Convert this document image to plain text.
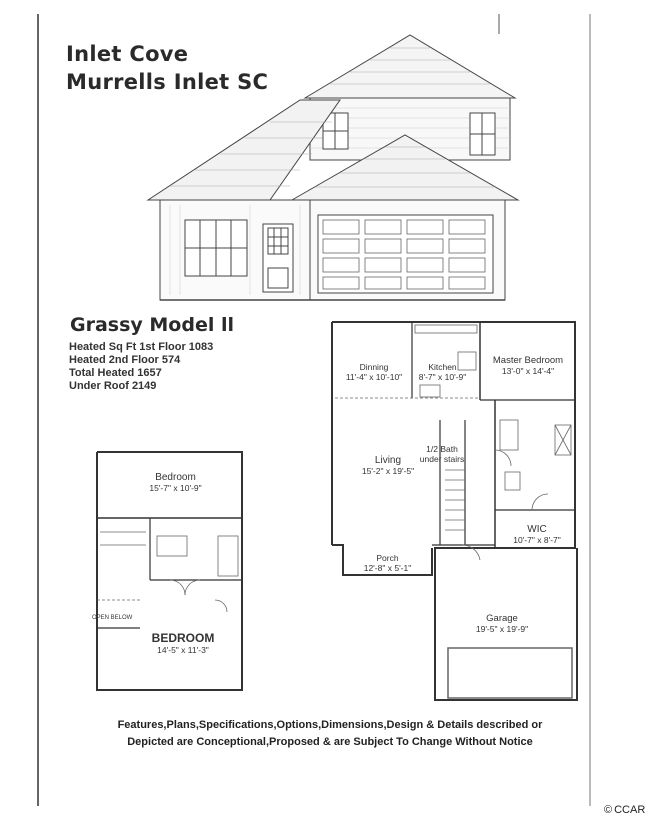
Inlet Cove
Murrells Inlet SC
Grassy Model ll
Heated Sq Ft 1st Floor 1083
Heated 2nd Floor 574
Total Heated 1657
Under Roof 2149
Dinning
11'-4" x 10'-10"
Kitchen
8'-7" x 10'-9"
Master Bedroom
13'-0" x 14'-4"
Living
15'-2" x 19'-5"
1/2 Bath
under stairs
WIC
10'-7" x 8'-7"
Porch
12'-8" x 5'-1"
Garage
19'-5" x 19'-9"
Bedroom
15'-7" x 10'-9"
OPEN BELOW
BEDROOM
14'-5" x 11'-3"
Features,Plans,Specifications,Options,Dimensions,Design & Details described or
Depicted are Conceptional,Proposed & are Subject To Change Without Notice
© CCAR
